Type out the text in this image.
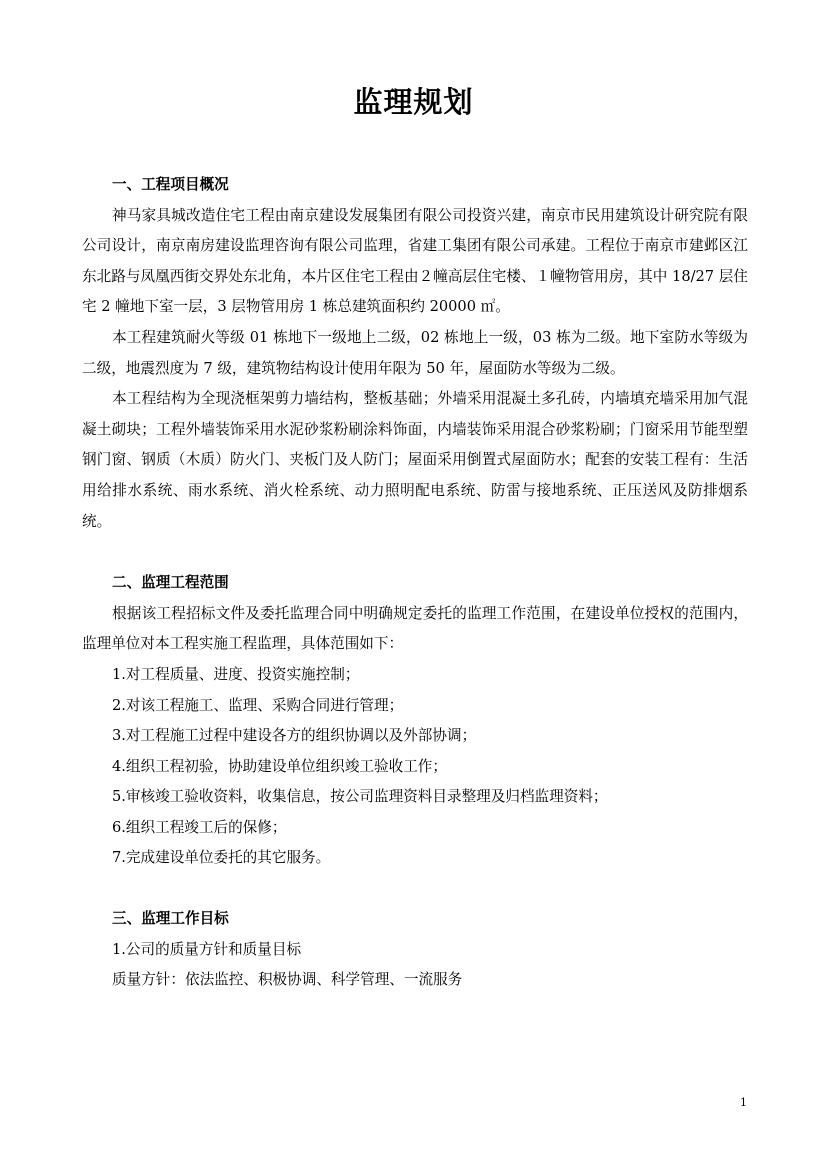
监理规划

一、工程项目概况

神马家具城改造住宅工程由南京建设发展集团有限公司投资兴建，南京市民用建筑设计研究院有限公司设计，南京南房建设监理咨询有限公司监理，省建工集团有限公司承建。工程位于南京市建邺区江东北路与凤凰西街交界处东北角，本片区住宅工程由２幢高层住宅楼、１幢物管用房，其中 18/27 层住宅 2 幢地下室一层，3 层物管用房 1 栋总建筑面积约 20000 ㎡。

本工程建筑耐火等级 01 栋地下一级地上二级，02 栋地上一级，03 栋为二级。地下室防水等级为二级，地震烈度为 7 级，建筑物结构设计使用年限为 50 年，屋面防水等级为二级。

本工程结构为全现浇框架剪力墙结构，整板基础；外墙采用混凝土多孔砖，内墙填充墙采用加气混凝土砌块；工程外墙装饰采用水泥砂浆粉刷涂料饰面，内墙装饰采用混合砂浆粉刷；门窗采用节能型塑钢门窗、钢质（木质）防火门、夹板门及人防门；屋面采用倒置式屋面防水；配套的安装工程有：生活用给排水系统、雨水系统、消火栓系统、动力照明配电系统、防雷与接地系统、正压送风及防排烟系统。

二、监理工程范围

根据该工程招标文件及委托监理合同中明确规定委托的监理工作范围，在建设单位授权的范围内，监理单位对本工程实施工程监理，具体范围如下：

1.对工程质量、进度、投资实施控制；

2.对该工程施工、监理、采购合同进行管理；

3.对工程施工过程中建设各方的组织协调以及外部协调；

4.组织工程初验，协助建设单位组织竣工验收工作；

5.审核竣工验收资料，收集信息，按公司监理资料目录整理及归档监理资料；

6.组织工程竣工后的保修；

7.完成建设单位委托的其它服务。

三、监理工作目标

1.公司的质量方针和质量目标

质量方针：依法监控、积极协调、科学管理、一流服务

1
